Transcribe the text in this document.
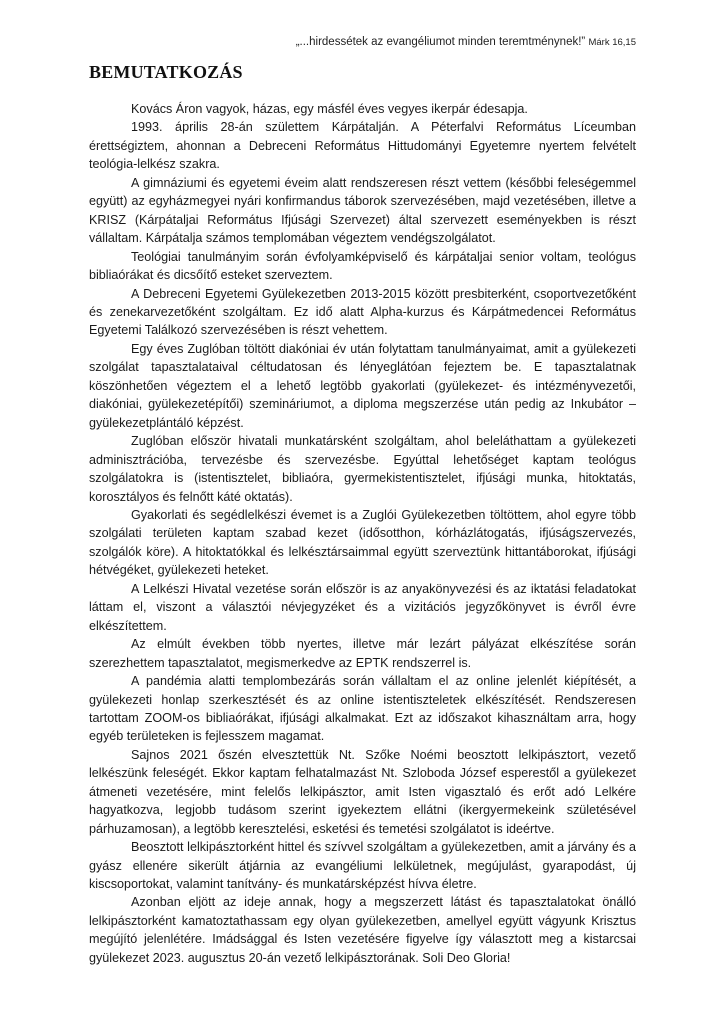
„...hirdessétek az evangéliumot minden teremtménynek!” Márk 16,15
BEMUTATKOZÁS

Kovács Áron vagyok, házas, egy másfél éves vegyes ikerpár édesapja.

1993. április 28-án születtem Kárpátalján. A Péterfalvi Református Líceumban érettségiztem, ahonnan a Debreceni Református Hittudományi Egyetemre nyertem felvételt teológia-lelkész szakra.

A gimnáziumi és egyetemi éveim alatt rendszeresen részt vettem (későbbi feleségemmel együtt) az egyházmegyei nyári konfirmandus táborok szervezésében, majd vezetésében, illetve a KRISZ (Kárpátaljai Református Ifjúsági Szervezet) által szervezett eseményekben is részt vállaltam. Kárpátalja számos templomában végeztem vendégszolgálatot.

Teológiai tanulmányim során évfolyamképviselő és kárpátaljai senior voltam, teológus bibliaórákat és dicsőítő esteket szerveztem.

A Debreceni Egyetemi Gyülekezetben 2013-2015 között presbiterként, csoportvezetőként és zenekarvezetőként szolgáltam. Ez idő alatt Alpha-kurzus és Kárpátmedencei Református Egyetemi Találkozó szervezésében is részt vehettem.

Egy éves Zuglóban töltött diakóniai év után folytattam tanulmányaimat, amit a gyülekezeti szolgálat tapasztalataival céltudatosan és lényeglátóan fejeztem be. E tapasztalatnak köszönhetően végeztem el a lehető legtöbb gyakorlati (gyülekezet- és intézményvezetői, diakóniai, gyülekezetépítői) szemináriumot, a diploma megszerzése után pedig az Inkubátor – gyülekezetplántáló képzést.

Zuglóban először hivatali munkatársként szolgáltam, ahol beleláthattam a gyülekezeti adminisztrációba, tervezésbe és szervezésbe. Egyúttal lehetőséget kaptam teológus szolgálatokra is (istentisztelet, bibliaóra, gyermekistentisztelet, ifjúsági munka, hitoktatás, korosztályos és felnőtt káté oktatás).

Gyakorlati és segédlelkészi évemet is a Zuglói Gyülekezetben töltöttem, ahol egyre több szolgálati területen kaptam szabad kezet (idősotthon, kórházlátogatás, ifjúságszervezés, szolgálók köre). A hitoktatókkal és lelkésztársaimmal együtt szerveztünk hittantáborokat, ifjúsági hétvégéket, gyülekezeti heteket.

A Lelkészi Hivatal vezetése során először is az anyakönyvezési és az iktatási feladatokat láttam el, viszont a választói névjegyzéket és a vizitációs jegyzőkönyvet is évről évre elkészítettem.

Az elmúlt években több nyertes, illetve már lezárt pályázat elkészítése során szerezhettem tapasztalatot, megismerkedve az EPTK rendszerrel is.

A pandémia alatti templombezárás során vállaltam el az online jelenlét kiépítését, a gyülekezeti honlap szerkesztését és az online istentiszteletek elkészítését. Rendszeresen tartottam ZOOM-os bibliaórákat, ifjúsági alkalmakat. Ezt az időszakot kihasználtam arra, hogy egyéb területeken is fejlesszem magamat.

Sajnos 2021 őszén elvesztettük Nt. Szőke Noémi beosztott lelkipásztort, vezető lelkészünk feleségét. Ekkor kaptam felhatalmazást Nt. Szloboda József esperestől a gyülekezet átmeneti vezetésére, mint felelős lelkipásztor, amit Isten vigasztaló és erőt adó Lelkére hagyatkozva, legjobb tudásom szerint igyekeztem ellátni (ikergyermekeink születésével párhuzamosan), a legtöbb keresztelési, esketési és temetési szolgálatot is ideértve.

Beosztott lelkipásztorként hittel és szívvel szolgáltam a gyülekezetben, amit a járvány és a gyász ellenére sikerült átjárnia az evangéliumi lelkületnek, megújulást, gyarapodást, új kiscsoportokat, valamint tanítvány- és munkatársképzést hívva életre.

Azonban eljött az ideje annak, hogy a megszerzett látást és tapasztalatokat önálló lelkipásztorként kamatoztathassam egy olyan gyülekezetben, amellyel együtt vágyunk Krisztus megújító jelenlétére. Imádsággal és Isten vezetésére figyelve így választott meg a kistarcsai gyülekezet 2023. augusztus 20-án vezető lelkipásztorának. Soli Deo Gloria!
